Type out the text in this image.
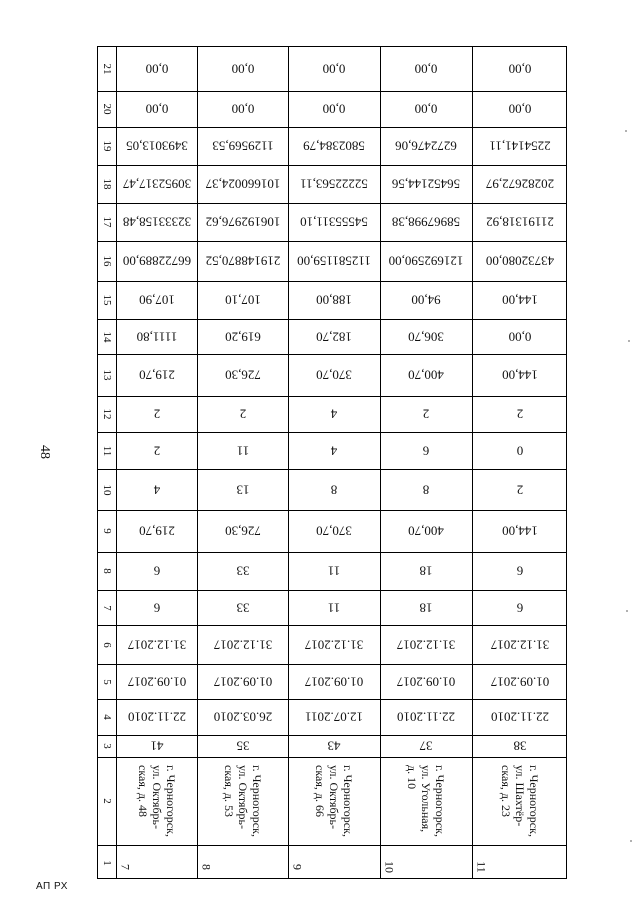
48
АП РХ
1
2
3
4
5
6
7
8
9
10
11
12
13
14
15
16
17
18
19
20
21
7
г. Черногорск,
ул. Октябрь-
ская, д. 48
41
22.11.2010
01.09.2017
31.12.2017
6
6
219,70
4
2
2
219,70
1111,80
107,90
66722889,00
32333158,48
30952317,47
3493013,05
0,00
0,00
8
г. Черногорск,
ул. Октябрь-
ская, д. 53
35
26.03.2010
01.09.2017
31.12.2017
33
33
726,30
13
11
2
726,30
619,20
107,10
219148870,52
106192976,62
101660024,37
1129569,53
0,00
0,00
9
г. Черногорск,
ул. Октябрь-
ская, д. 66
43
12.07.2011
01.09.2017
31.12.2017
11
11
370,70
8
4
4
370,70
182,70
188,00
112581159,00
54555311,10
52222563,11
5802384,79
0,00
0,00
10
г. Черногорск,
ул. Угольная,
д. 10
37
22.11.2010
01.09.2017
31.12.2017
18
18
400,70
8
6
2
400,70
306,70
94,00
121692590,00
58967998,38
56452144,56
6272476,06
0,00
0,00
11
г. Черногорск,
ул. Шахтёр-
ская, д. 23
38
22.11.2010
01.09.2017
31.12.2017
6
6
144,00
2
0
2
144,00
0,00
144,00
43732080,00
21191318,92
20282672,97
2254141,11
0,00
0,00
